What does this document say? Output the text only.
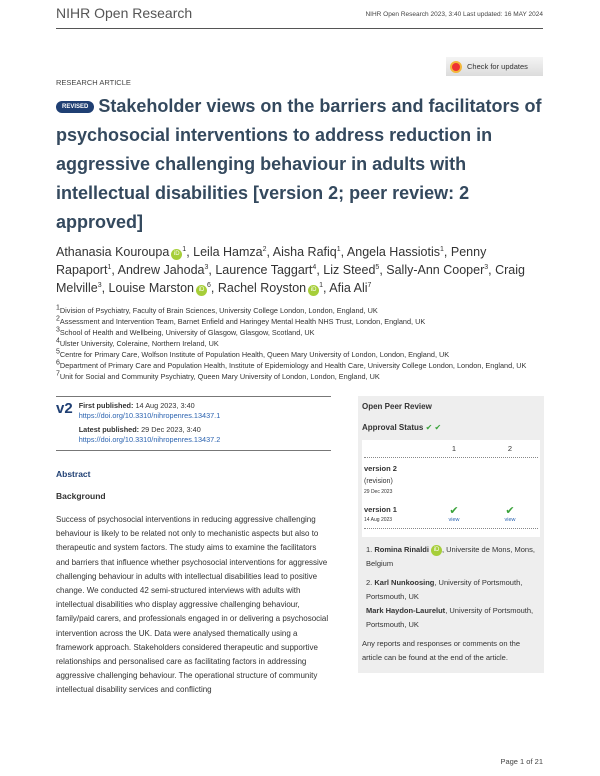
NIHR Open Research	NIHR Open Research 2023, 3:40 Last updated: 16 MAY 2024
Check for updates
RESEARCH ARTICLE
REVISED Stakeholder views on the barriers and facilitators of psychosocial interventions to address reduction in aggressive challenging behaviour in adults with intellectual disabilities [version 2; peer review: 2 approved]
Athanasia Kouroupa $iD^1$, Leila Hamza$^2$, Aisha Rafiq$^1$, Angela Hassiotis$^1$, Penny Rapaport$^1$, Andrew Jahoda$^3$, Laurence Taggart$^4$, Liz Steed$^5$, Sally-Ann Cooper$^3$, Craig Melville$^3$, Louise Marston $iD^6$, Rachel Royston $iD^1$, Afia Ali$^7$
$^1$Division of Psychiatry, Faculty of Brain Sciences, University College London, London, England, UK
$^2$Assessment and Intervention Team, Barnet Enfield and Haringey Mental Health NHS Trust, London, England, UK
$^3$School of Health and Wellbeing, University of Glasgow, Glasgow, Scotland, UK
$^4$Ulster University, Coleraine, Northern Ireland, UK
$^5$Centre for Primary Care, Wolfson Institute of Population Health, Queen Mary University of London, London, England, UK
$^6$Department of Primary Care and Population Health, Institute of Epidemiology and Health Care, University College London, London, England, UK
$^7$Unit for Social and Community Psychiatry, Queen Mary University of London, London, England, UK
v2 First published: 14 Aug 2023, 3:40
https://doi.org/10.3310/nihropenres.13437.1
Latest published: 29 Dec 2023, 3:40
https://doi.org/10.3310/nihropenres.13437.2
Abstract
Background
Success of psychosocial interventions in reducing aggressive challenging behaviour is likely to be related not only to mechanistic aspects but also to therapeutic and system factors. The study aims to examine the facilitators and barriers that influence whether psychosocial interventions for aggressive challenging behaviour in adults with intellectual disabilities lead to positive change. We conducted 42 semi-structured interviews with adults with intellectual disabilities who display aggressive challenging behaviour, family/paid carers, and professionals engaged in or delivering a psychosocial intervention across the UK. Data were analysed thematically using a framework approach. Stakeholders considered therapeutic and supportive relationships and personalised care as facilitating factors in addressing aggressive challenging behaviour. The operational structure of community intellectual disability services and conflicting
Open Peer Review
Approval Status ✔ ✔
1	2
version 2
(revision)
29 Dec 2023
version 1
14 Aug 2023
✔
view
✔
view
1. Romina Rinaldi iD , Universite de Mons, Mons, Belgium
2. Karl Nunkoosing, University of Portsmouth, Portsmouth, UK
Mark Haydon-Laurelut, University of Portsmouth, Portsmouth, UK
Any reports and responses or comments on the article can be found at the end of the article.
Page 1 of 21
